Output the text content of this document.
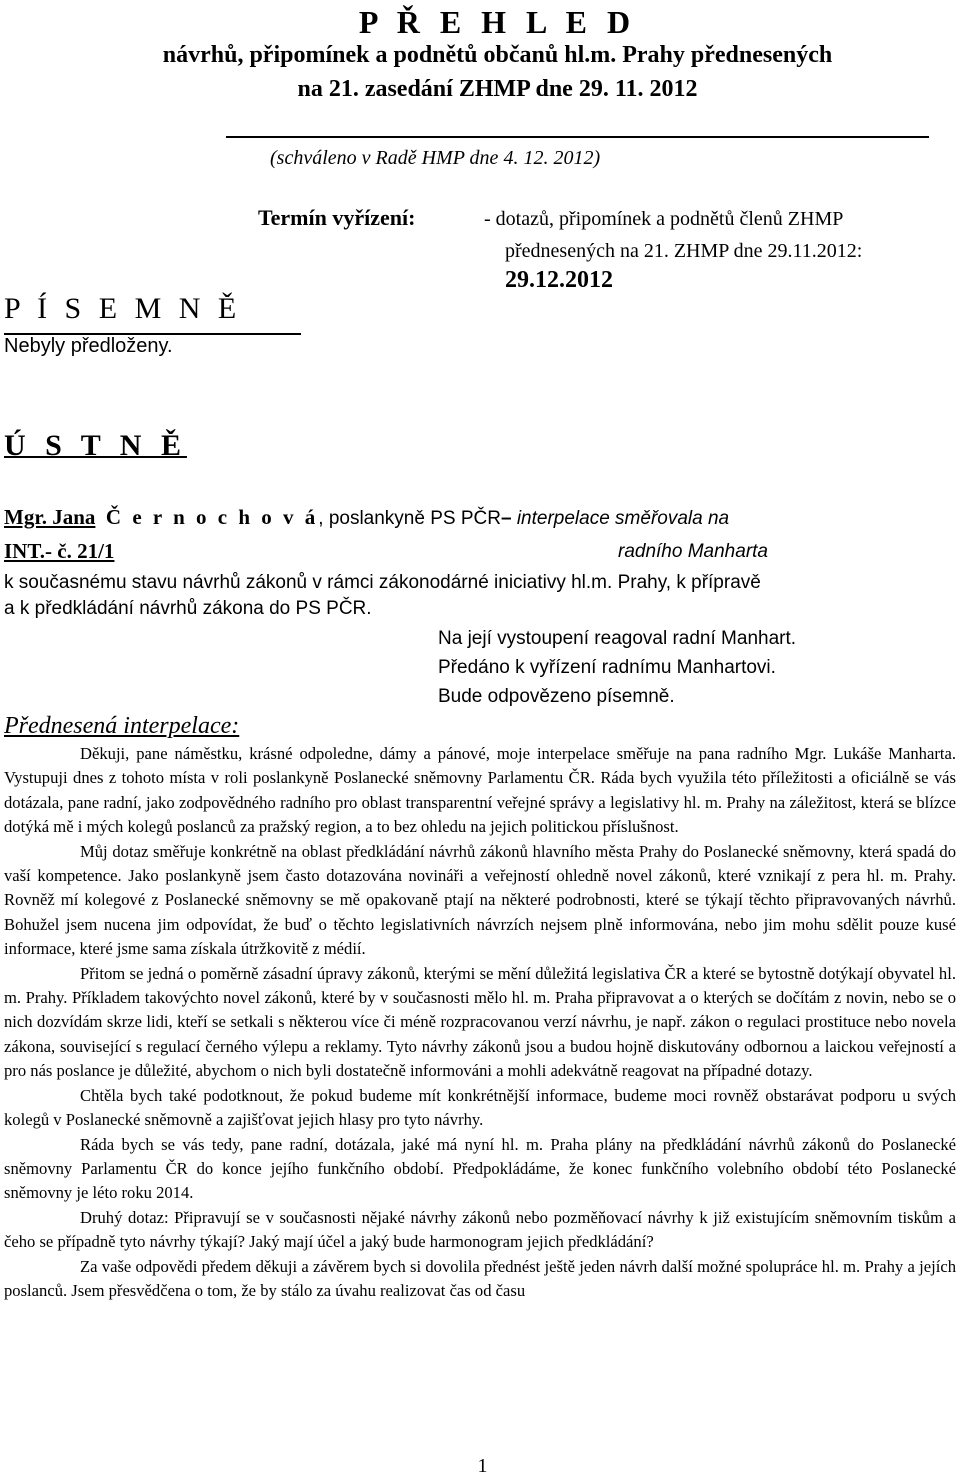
P Ř E H L E D
návrhů, připomínek a podnětů občanů hl.m. Prahy přednesených
na 21. zasedání ZHMP dne 29. 11. 2012
(schváleno v Radě HMP dne 4. 12. 2012)
Termín vyřízení:	- dotazů, připomínek a podnětů členů ZHMP
přednesených na 21. ZHMP dne 29.11.2012:
29.12.2012
P Í S E M N Ě
Nebyly předloženy.
Ú S T N Ě
Mgr. Jana Č e r n o c h o v á, poslankyně PS PČR– interpelace směřovala na
INT.- č. 21/1	radního Manharta
k současnému stavu návrhů zákonů v rámci zákonodárné iniciativy hl.m. Prahy, k přípravě
a k předkládání návrhů zákona do PS PČR.
Na její vystoupení reagoval radní Manhart.
Předáno k vyřízení radnímu Manhartovi.
Bude odpovězeno písemně.
Přednesená interpelace:

Děkuji, pane náměstku, krásné odpoledne, dámy a pánové, moje interpelace směřuje na pana radního Mgr. Lukáše Manharta. Vystupuji dnes z tohoto místa v roli poslankyně Poslanecké sněmovny Parlamentu ČR. Ráda bych využila této příležitosti a oficiálně se vás dotázala, pane radní, jako zodpovědného radního pro oblast transparentní veřejné správy a legislativy hl. m. Prahy na záležitost, která se blízce dotýká mě i mých kolegů poslanců za pražský region, a to bez ohledu na jejich politickou příslušnost.

Můj dotaz směřuje konkrétně na oblast předkládání návrhů zákonů hlavního města Prahy do Poslanecké sněmovny, která spadá do vaší kompetence. Jako poslankyně jsem často dotazována novináři a veřejností ohledně novel zákonů, které vznikají z pera hl. m. Prahy. Rovněž mí kolegové z Poslanecké sněmovny se mě opakovaně ptají na některé podrobnosti, které se týkají těchto připravovaných návrhů. Bohužel jsem nucena jim odpovídat, že buď o těchto legislativních návrzích nejsem plně informována, nebo jim mohu sdělit pouze kusé informace, které jsme sama získala útržkovitě z médií.

Přitom se jedná o poměrně zásadní úpravy zákonů, kterými se mění důležitá legislativa ČR a které se bytostně dotýkají obyvatel hl. m. Prahy. Příkladem takovýchto novel zákonů, které by v současnosti mělo hl. m. Praha připravovat a o kterých se dočítám z novin, nebo se o nich dozvídám skrze lidi, kteří se setkali s některou více či méně rozpracovanou verzí návrhu, je např. zákon o regulaci prostituce nebo novela zákona, související s regulací černého výlepu a reklamy. Tyto návrhy zákonů jsou a budou hojně diskutovány odbornou a laickou veřejností a pro nás poslance je důležité, abychom o nich byli dostatečně informováni a mohli adekvátně reagovat na případné dotazy.

Chtěla bych také podotknout, že pokud budeme mít konkrétnější informace, budeme moci rovněž obstarávat podporu u svých kolegů v Poslanecké sněmovně a zajišťovat jejich hlasy pro tyto návrhy.

Ráda bych se vás tedy, pane radní, dotázala, jaké má nyní hl. m. Praha plány na předkládání návrhů zákonů do Poslanecké sněmovny Parlamentu ČR do konce jejího funkčního období. Předpokládáme, že konec funkčního volebního období této Poslanecké sněmovny je léto roku 2014.

Druhý dotaz: Připravují se v současnosti nějaké návrhy zákonů nebo pozměňovací návrhy k již existujícím sněmovním tiskům a čeho se případně tyto návrhy týkají? Jaký mají účel a jaký bude harmonogram jejich předkládání?

Za vaše odpovědi předem děkuji a závěrem bych si dovolila přednést ještě jeden návrh další možné spolupráce hl. m. Prahy a jejích poslanců. Jsem přesvědčena o tom, že by stálo za úvahu realizovat čas od času

1
